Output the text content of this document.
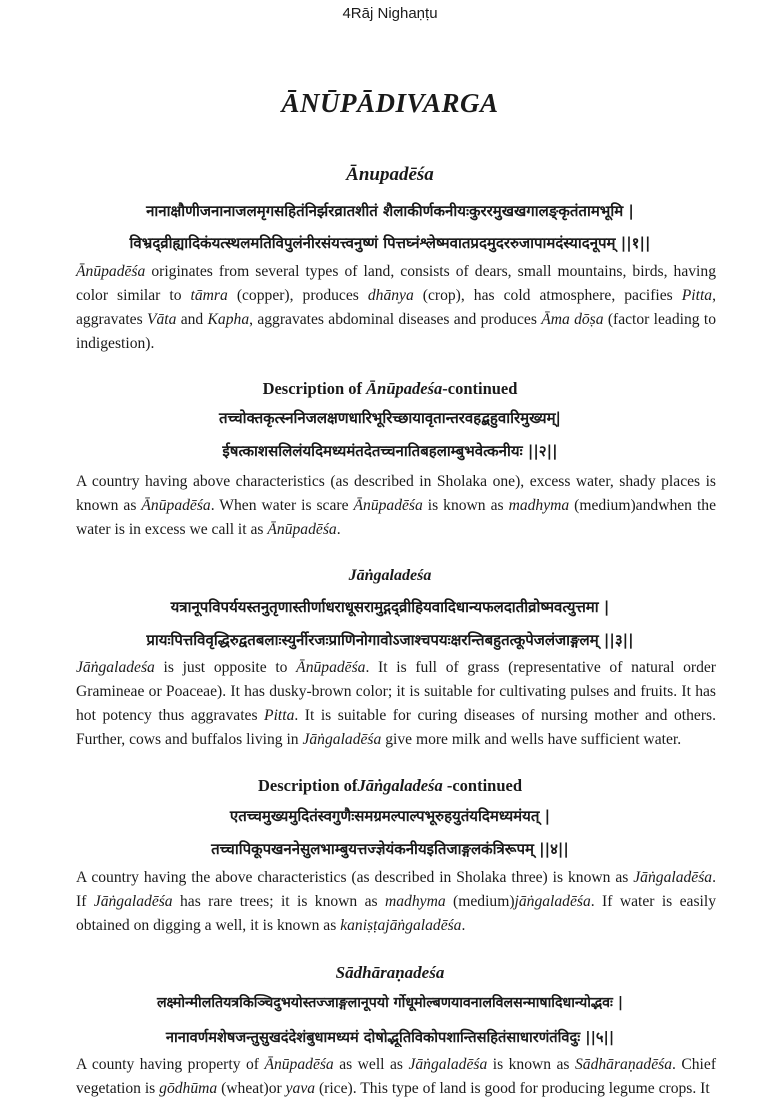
4Rāj Nighaṇṭu
ĀNŪPĀDIVARGA
Ānupadēśa
नानाक्षौणीजनानाजलमृगसहितंनिर्झरव्रातशीतं शैलाकीर्णकनीयःकुररमुखखगालङ्कृतंतामभूमि |
विभ्रद्व्रीह्यादिकंयत्स्थलमतिविपुलंनीरसंयत्त्वनुष्णं पित्तघ्नंश्लेष्मवातप्रदमुदररुजापामदंस्यादनूपम् ||१||
Ānūpadēśa originates from several types of land, consists of dears, small mountains, birds, having color similar to tāmra (copper), produces dhānya (crop), has cold atmosphere, pacifies Pitta, aggravates Vāta and Kapha, aggravates abdominal diseases and produces Āma dōṣa (factor leading to indigestion).
Description of Ānūpadeśa-continued
तच्चोक्तकृत्स्ननिजलक्षणधारिभूरिच्छायावृतान्तरवहद्बहुवारिमुख्यम्|
ईषत्काशसलिलंयदिमध्यमंतदेतच्चनातिबहलाम्बुभवेत्कनीयः ||२||
A country having above characteristics (as described in Sholaka one), excess water, shady places is known as Ānūpadēśa. When water is scare Ānūpadēśa is known as madhyma (medium)andwhen the water is in excess we call it as Ānūpadēśa.
Jāṅgaladeśa
यत्रानूपविपर्ययस्तनुतृणास्तीर्णाधराधूसरामुद्गद्व्रीहियवादिधान्यफलदातीव्रोष्मवत्युत्तमा |
प्रायःपित्तविवृद्धिरुद्वतबलाःस्युर्नीरजःप्राणिनोगावोऽजाश्चपयःक्षरन्तिबहुतत्कूपेजलंजाङ्गलम् ||३||
Jāṅgaladeśa is just opposite to Ānūpadēśa. It is full of grass (representative of natural order Gramineae or Poaceae). It has dusky-brown color; it is suitable for cultivating pulses and fruits. It has hot potency thus aggravates Pitta. It is suitable for curing diseases of nursing mother and others. Further, cows and buffalos living in Jāṅgaladēśa give more milk and wells have sufficient water.
Description ofJāṅgaladeśa -continued
एतच्चमुख्यमुदितंस्वगुणैःसमग्रमल्पाल्पभूरुहयुतंयदिमध्यमंयत् |
तच्चापिकूपखननेसुलभाम्बुयत्तज्ज्ञेयंकनीयइतिजाङ्गलकंत्रिरूपम् ||४||
A country having the above characteristics (as described in Sholaka three) is known as Jāṅgaladēśa. If Jāṅgaladēśa has rare trees; it is known as madhyma (medium)jāṅgaladēśa. If water is easily obtained on digging a well, it is known as kaniṣṭajāṅgaladēśa.
Sādhāraṇadeśa
लक्ष्मोन्मीलतियत्रकिञ्चिदुभयोस्तज्जाङ्गलानूपयो र्गोधूमोल्बणयावनालविलसन्माषादिधान्योद्भवः |
नानावर्णमशेषजन्तुसुखदंदेशंबुधामध्यमं दोषोद्भूतिविकोपशान्तिसहितंसाधारणंतंविदुः ||५||
A county having property of Ānūpadēśa as well as Jāṅgaladēśa is known as Sādhāraṇadēśa. Chief vegetation is gōdhūma (wheat)or yava (rice). This type of land is good for producing legume crops. It
